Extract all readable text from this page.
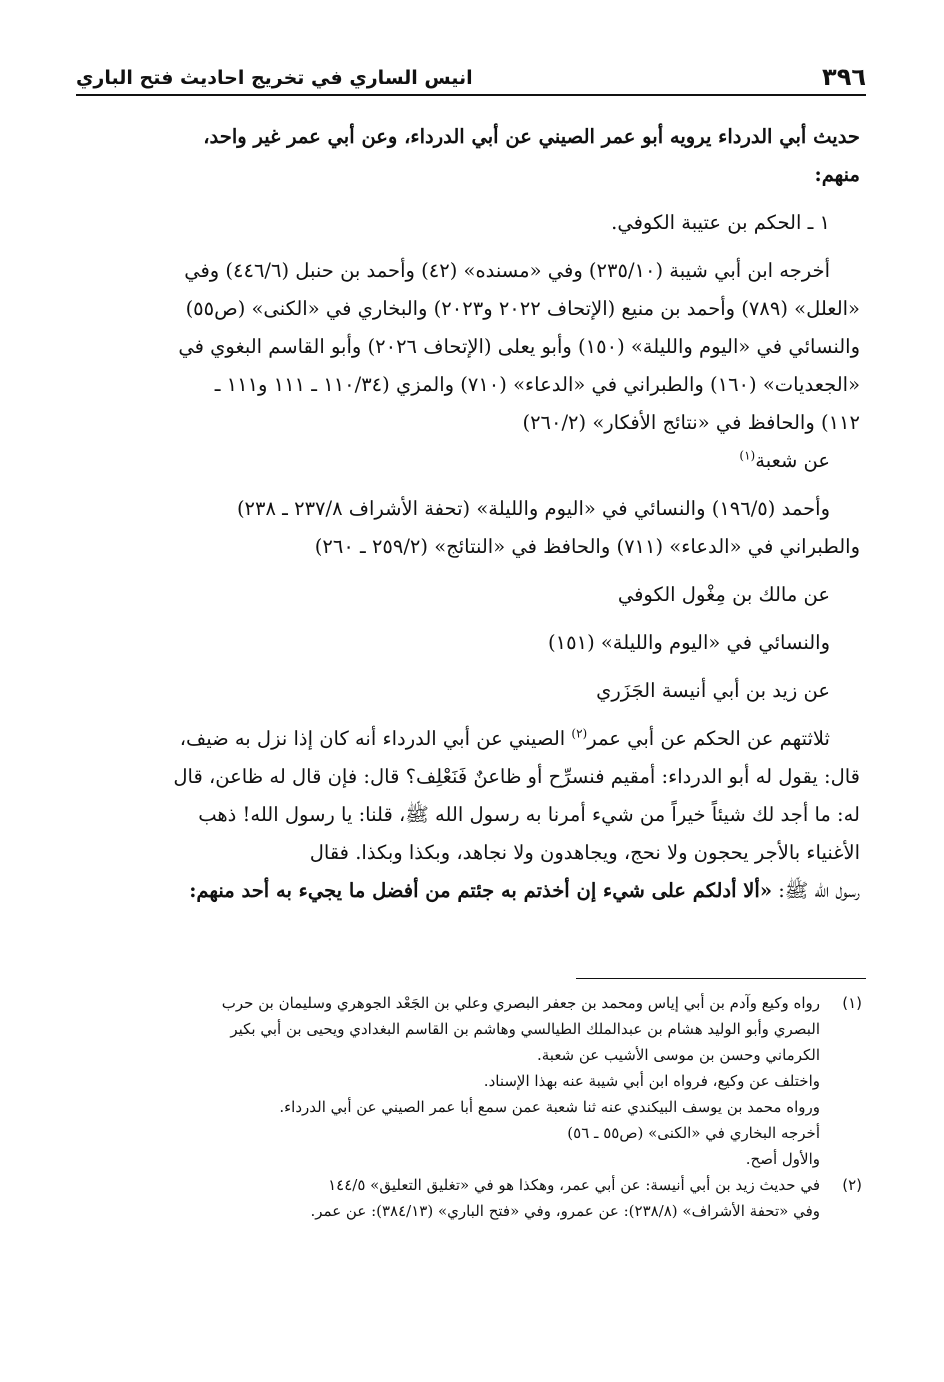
٣٩٦
انيس الساري في تخريج احاديث فتح الباري

حديث أبي الدرداء يرويه أبو عمر الصيني عن أبي الدرداء، وعن أبي عمر غير واحد،
منهم:

١ ـ الحكم بن عتيبة الكوفي.

أخرجه ابن أبي شيبة (٢٣٥/١٠) وفي «مسنده» (٤٢) وأحمد بن حنبل (٤٤٦/٦) وفي
«العلل» (٧٨٩) وأحمد بن منيع (الإتحاف ٢٠٢٢ و٢٠٢٣) والبخاري في «الكنى» (ص٥٥)
والنسائي في «اليوم والليلة» (١٥٠) وأبو يعلى (الإتحاف ٢٠٢٦) وأبو القاسم البغوي في
«الجعديات» (١٦٠) والطبراني في «الدعاء» (٧١٠) والمزي (١١٠/٣٤ ـ ١١١ و١١١ ـ
١١٢) والحافظ في «نتائج الأفكار» (٢٦٠/٢)

عن شعبة$^{(١)}$

وأحمد (١٩٦/٥) والنسائي في «اليوم والليلة» (تحفة الأشراف ٢٣٧/٨ ـ ٢٣٨)
والطبراني في «الدعاء» (٧١١) والحافظ في «النتائج» (٢٥٩/٢ ـ ٢٦٠)

عن مالك بن مِغْول الكوفي

والنسائي في «اليوم والليلة» (١٥١)

عن زيد بن أبي أنيسة الجَزَري

ثلاثتهم عن الحكم عن أبي عمر$^{(٢)}$ الصيني عن أبي الدرداء أنه كان إذا نزل به ضيف،
قال: يقول له أبو الدرداء: أمقيم فنسرِّح أو ظاعنٌ فَنَعْلِف؟ قال: فإن قال له ظاعن، قال
له: ما أجد لك شيئاً خيراً من شيء أمرنا به رسول الله ﷺ، قلنا: يا رسول الله! ذهب
الأغنياء بالأجر يحجون ولا نحج، ويجاهدون ولا نجاهد، وبكذا وبكذا. فقال
رسول الله ﷺ: «ألا أدلكم على شيء إن أخذتم به جئتم من أفضل ما يجيء به أحد منهم:

(١)
رواه وكيع وآدم بن أبي إياس ومحمد بن جعفر البصري وعلي بن الجَعْد الجوهري وسليمان بن حرب
البصري وأبو الوليد هشام بن عبدالملك الطيالسي وهاشم بن القاسم البغدادي ويحيى بن أبي بكير
الكرماني وحسن بن موسى الأشيب عن شعبة.
واختلف عن وكيع، فرواه ابن أبي شيبة عنه بهذا الإسناد.
ورواه محمد بن يوسف البيكندي عنه ثنا شعبة عمن سمع أبا عمر الصيني عن أبي الدرداء.
أخرجه البخاري في «الكنى» (ص٥٥ ـ ٥٦)
والأول أصح.
(٢)
في حديث زيد بن أبي أنيسة: عن أبي عمر، وهكذا هو في «تغليق التعليق» ١٤٤/٥
وفي «تحفة الأشراف» (٢٣٨/٨): عن عمرو، وفي «فتح الباري» (٣٨٤/١٣): عن عمر.
